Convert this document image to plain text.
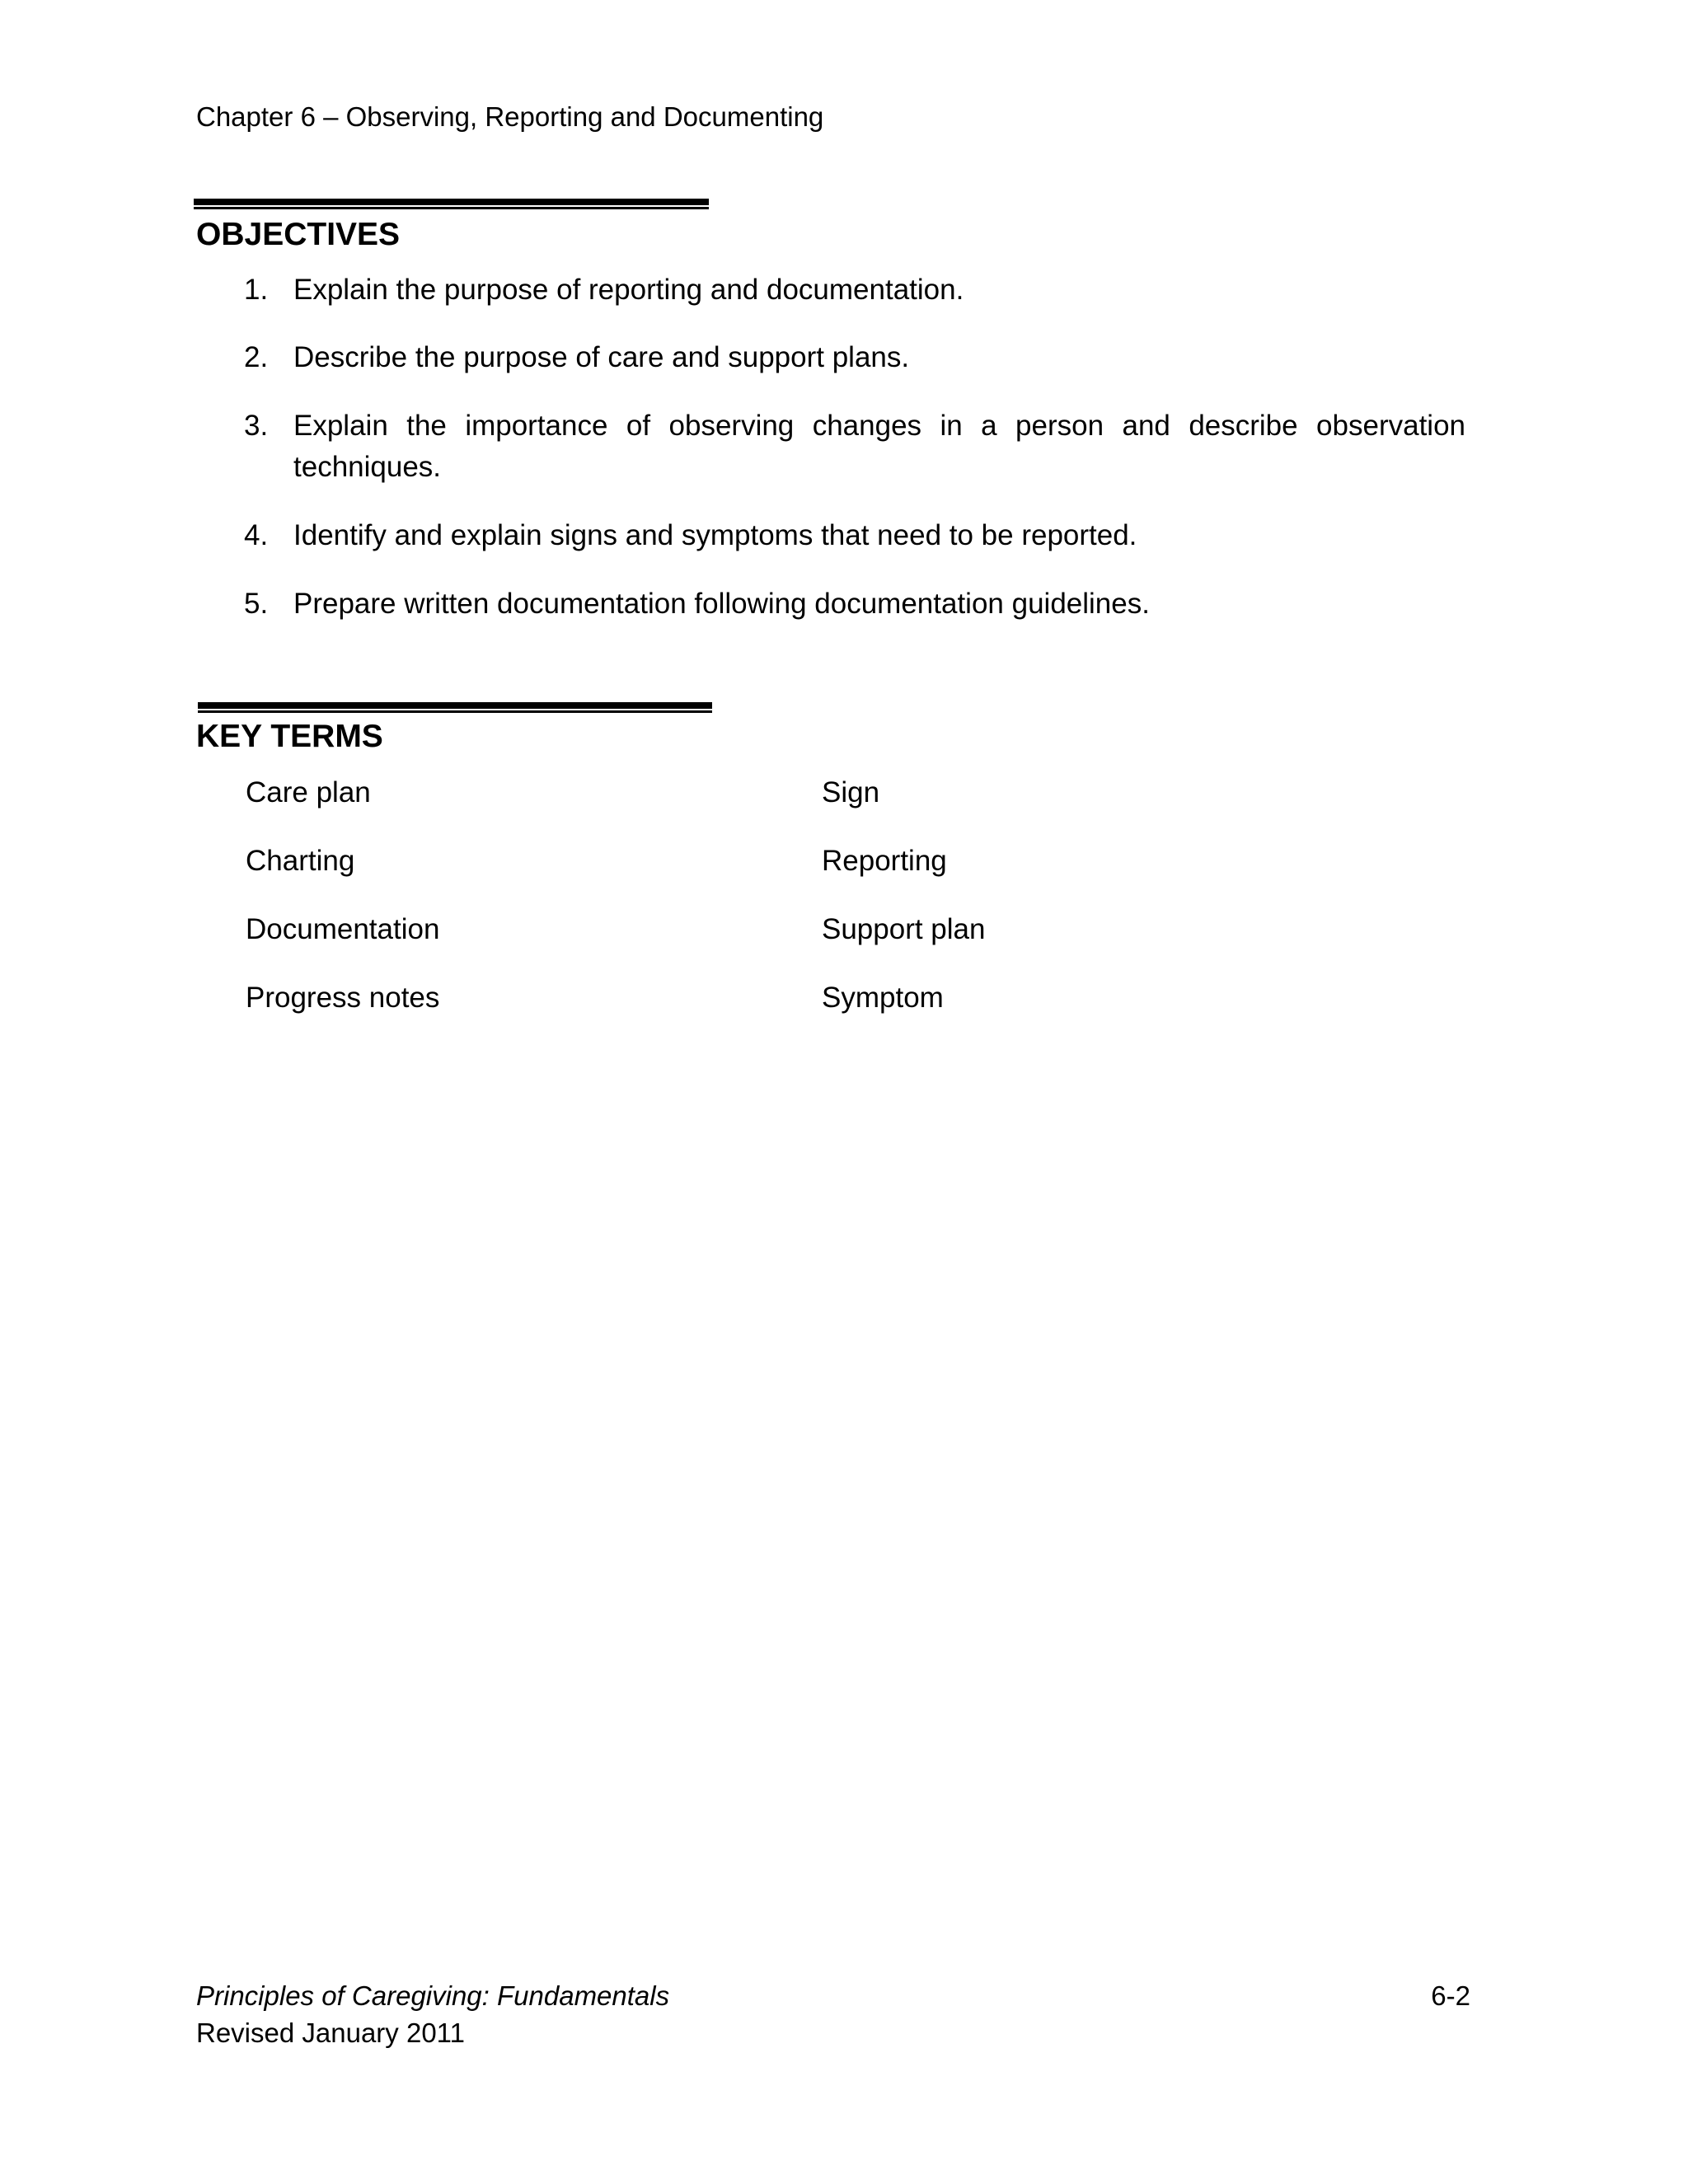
Chapter 6 – Observing, Reporting and Documenting
OBJECTIVES
1. Explain the purpose of reporting and documentation.
2. Describe the purpose of care and support plans.
3. Explain the importance of observing changes in a person and describe observation techniques.
4. Identify and explain signs and symptoms that need to be reported.
5. Prepare written documentation following documentation guidelines.
KEY TERMS
Care plan
Charting
Documentation
Progress notes
Sign
Reporting
Support plan
Symptom
Principles of Caregiving: Fundamentals
Revised January 2011
6-2
